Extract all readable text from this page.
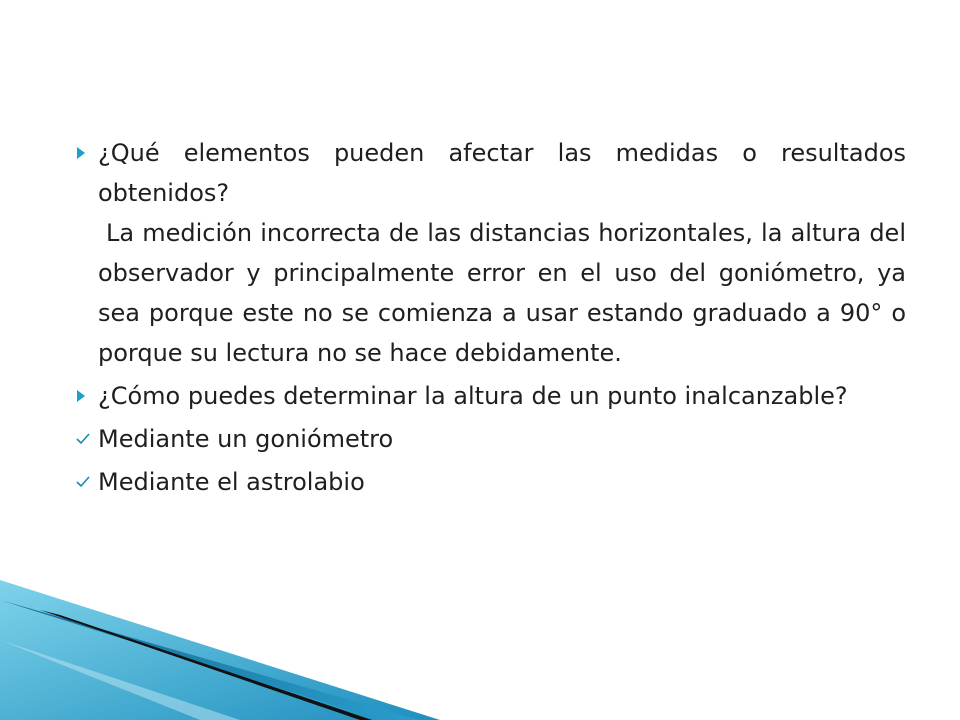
¿Qué elementos pueden afectar las medidas o resultados obtenidos?
La medición incorrecta de las distancias horizontales, la altura del observador y principalmente error en el uso del goniómetro, ya sea porque este no se comienza a usar estando graduado a 90° o porque su lectura no se hace debidamente.
¿Cómo puedes determinar la altura de un punto inalcanzable?
Mediante un goniómetro
Mediante el astrolabio
